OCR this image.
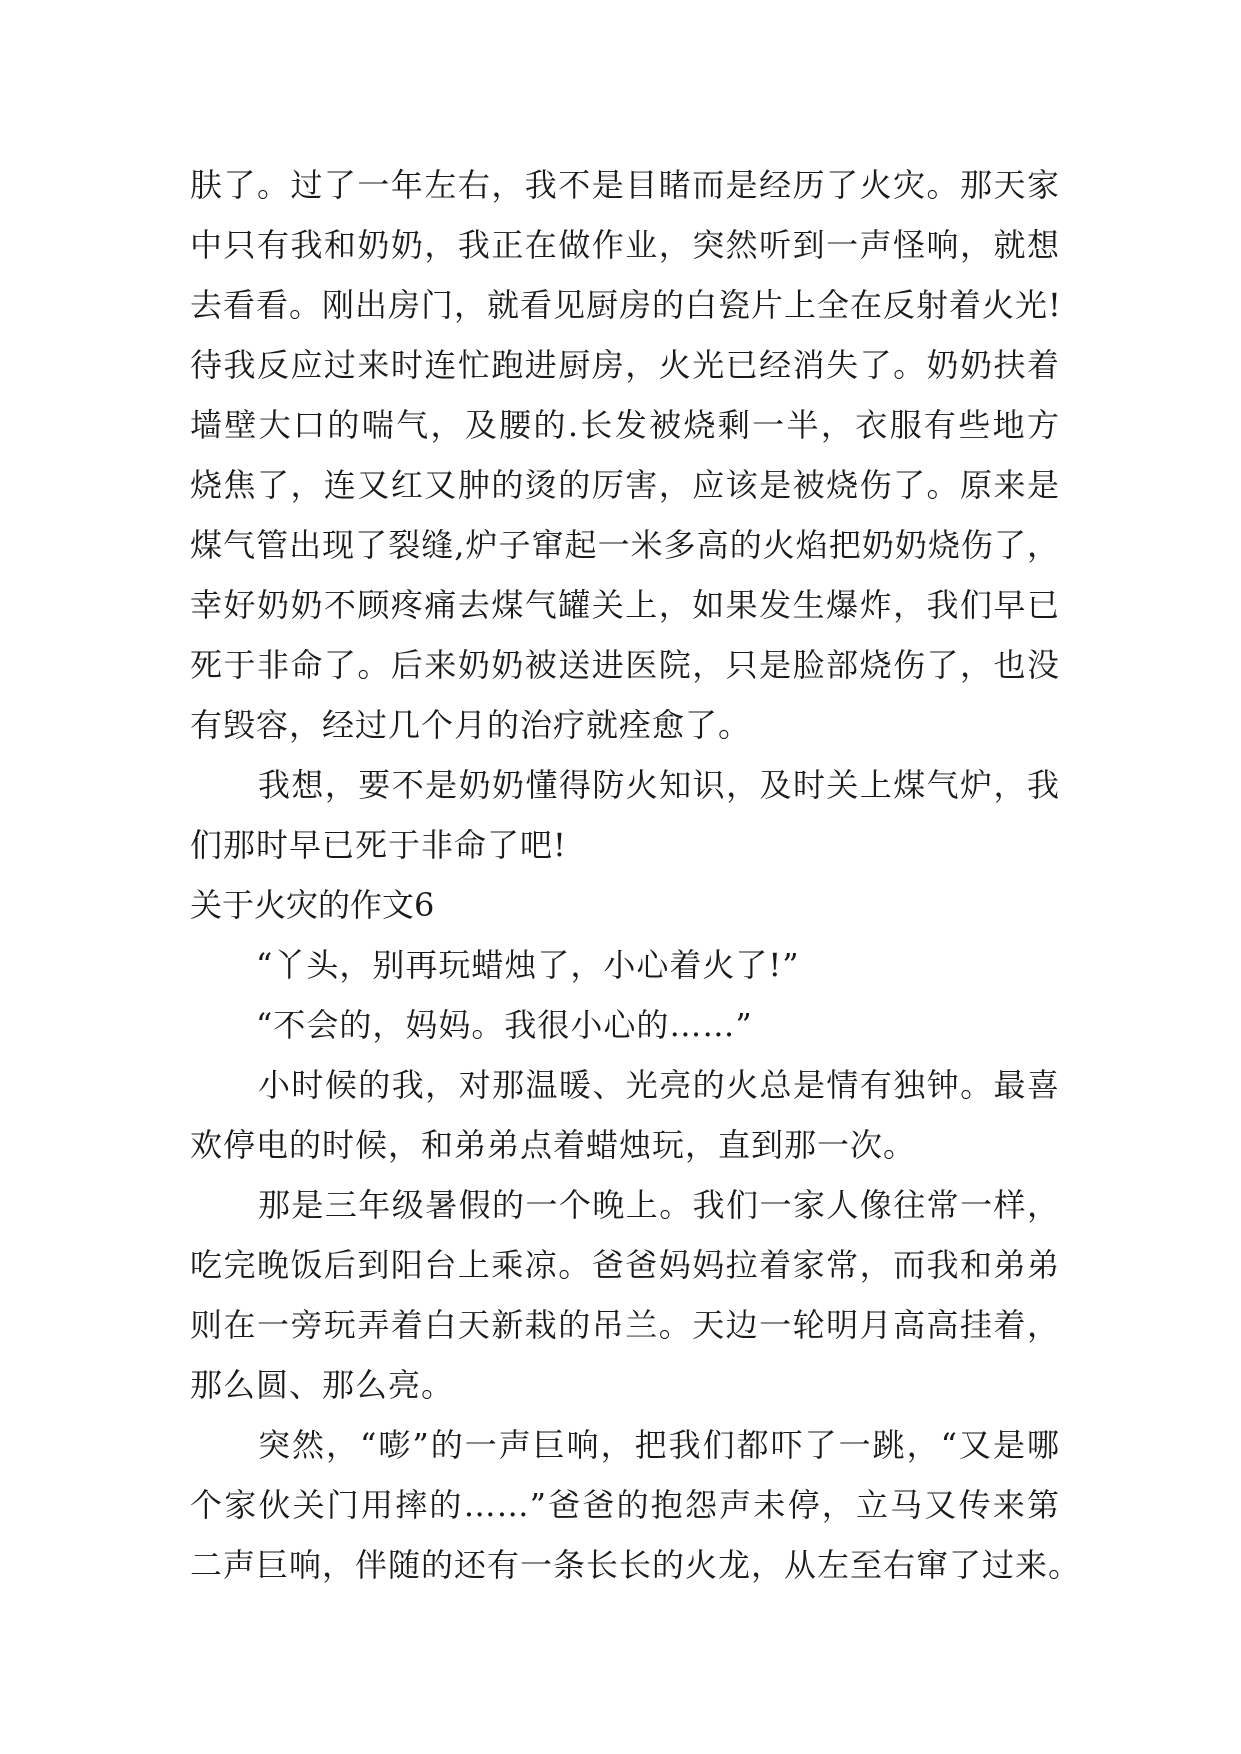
肤了。过了一年左右，我不是目睹而是经历了火灾。那天家
中只有我和奶奶，我正在做作业，突然听到一声怪响，就想
去看看。刚出房门，就看见厨房的白瓷片上全在反射着火光!
待我反应过来时连忙跑进厨房，火光已经消失了。奶奶扶着
墙壁大口的喘气，及腰的.长发被烧剩一半，衣服有些地方
烧焦了，连又红又肿的烫的厉害，应该是被烧伤了。原来是
煤气管出现了裂缝,炉子窜起一米多高的火焰把奶奶烧伤了，
幸好奶奶不顾疼痛去煤气罐关上，如果发生爆炸，我们早已
死于非命了。后来奶奶被送进医院，只是脸部烧伤了，也没
有毁容，经过几个月的治疗就痊愈了。
我想，要不是奶奶懂得防火知识，及时关上煤气炉，我
们那时早已死于非命了吧!
关于火灾的作文6
“丫头，别再玩蜡烛了，小心着火了!”
“不会的，妈妈。我很小心的……”
小时候的我，对那温暖、光亮的火总是情有独钟。最喜
欢停电的时候，和弟弟点着蜡烛玩，直到那一次。
那是三年级暑假的一个晚上。我们一家人像往常一样，
吃完晚饭后到阳台上乘凉。爸爸妈妈拉着家常，而我和弟弟
则在一旁玩弄着白天新栽的吊兰。天边一轮明月高高挂着，
那么圆、那么亮。
突然，“嘭”的一声巨响，把我们都吓了一跳，“又是哪
个家伙关门用摔的……”爸爸的抱怨声未停，立马又传来第
二声巨响，伴随的还有一条长长的火龙，从左至右窜了过来。
